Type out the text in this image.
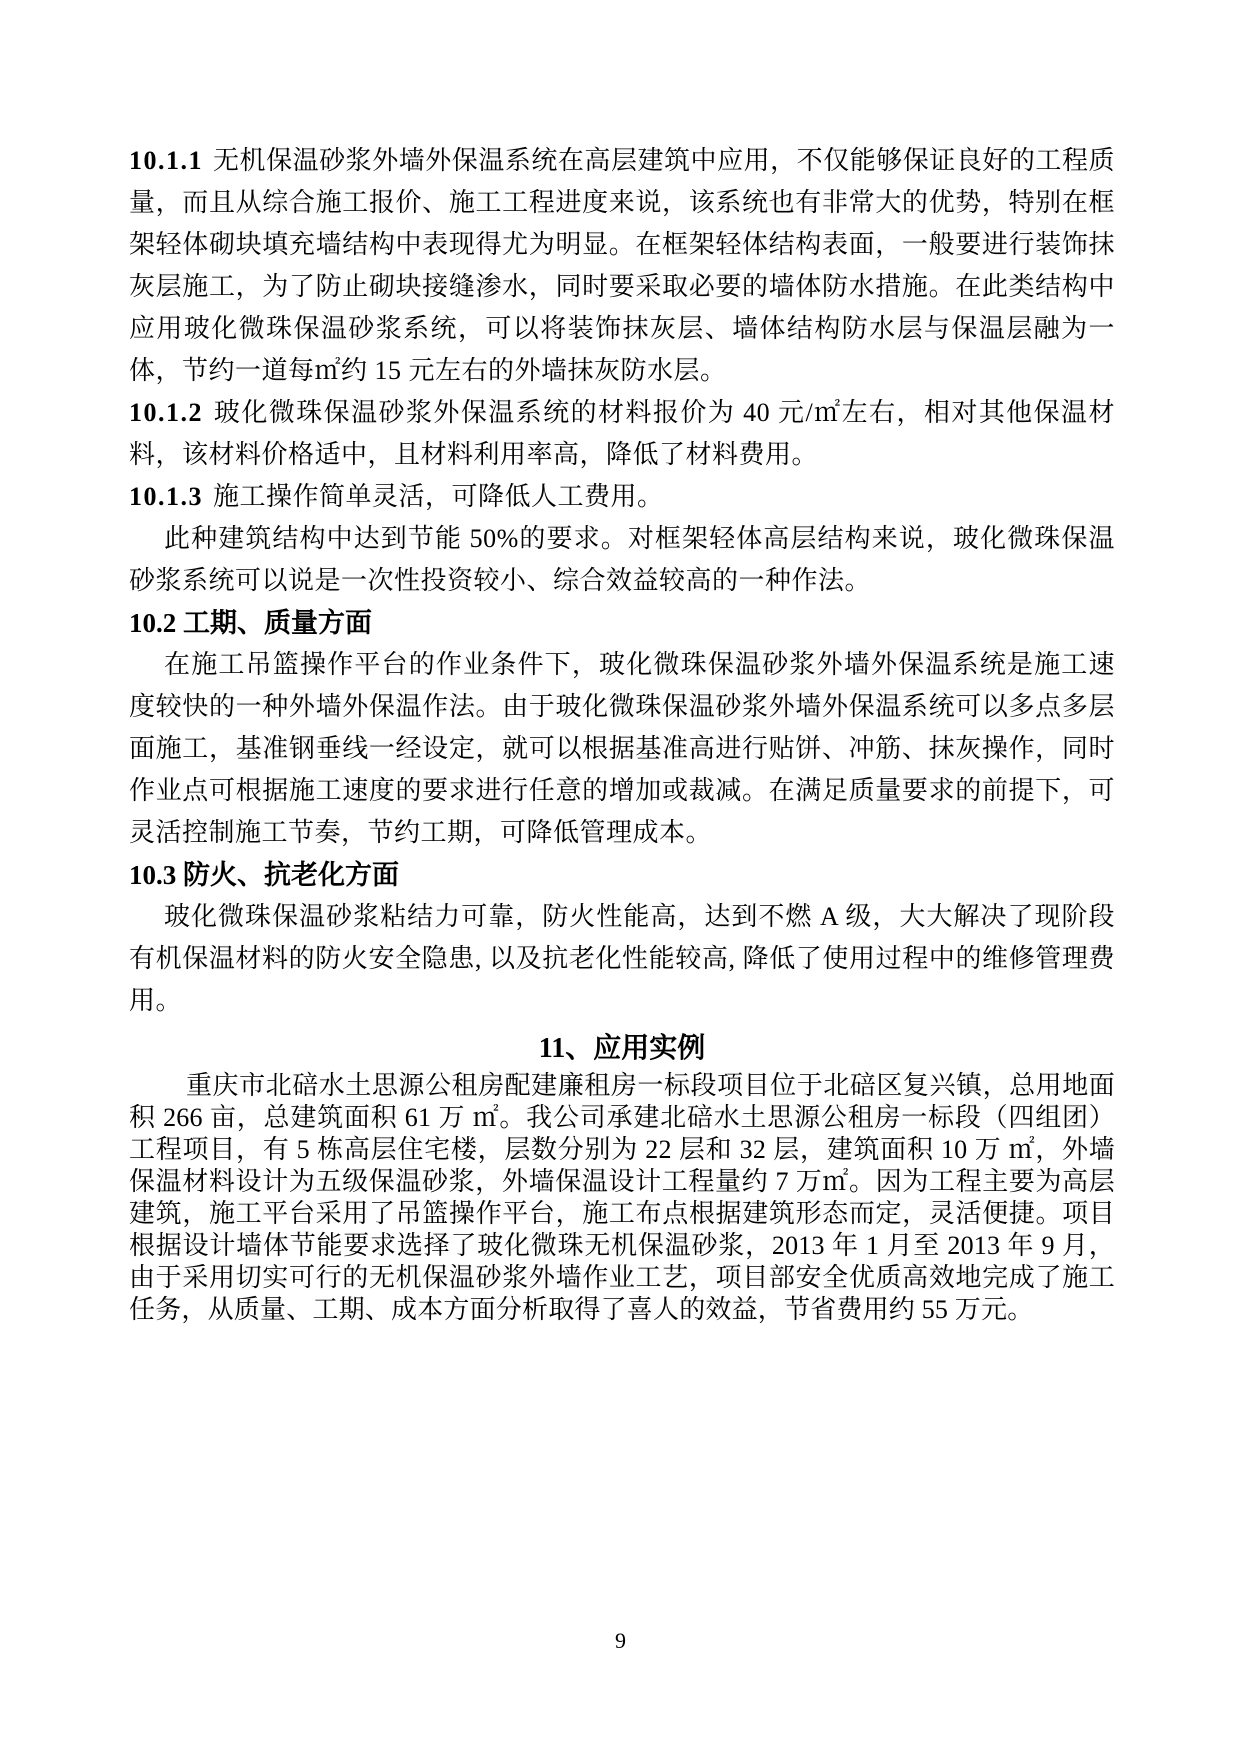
10.1.1 无机保温砂浆外墙外保温系统在高层建筑中应用，不仅能够保证良好的工程质量，而且从综合施工报价、施工工程进度来说，该系统也有非常大的优势，特别在框架轻体砌块填充墙结构中表现得尤为明显。在框架轻体结构表面，一般要进行装饰抹灰层施工，为了防止砌块接缝渗水，同时要采取必要的墙体防水措施。在此类结构中应用玻化微珠保温砂浆系统，可以将装饰抹灰层、墙体结构防水层与保温层融为一体，节约一道每㎡约 15 元左右的外墙抹灰防水层。

10.1.2 玻化微珠保温砂浆外保温系统的材料报价为 40 元/㎡左右，相对其他保温材料，该材料价格适中，且材料利用率高，降低了材料费用。

10.1.3 施工操作简单灵活，可降低人工费用。

此种建筑结构中达到节能 50%的要求。对框架轻体高层结构来说，玻化微珠保温砂浆系统可以说是一次性投资较小、综合效益较高的一种作法。

10.2 工期、质量方面

在施工吊篮操作平台的作业条件下，玻化微珠保温砂浆外墙外保温系统是施工速度较快的一种外墙外保温作法。由于玻化微珠保温砂浆外墙外保温系统可以多点多层面施工，基准钢垂线一经设定，就可以根据基准高进行贴饼、冲筋、抹灰操作，同时作业点可根据施工速度的要求进行任意的增加或裁减。在满足质量要求的前提下，可灵活控制施工节奏，节约工期，可降低管理成本。

10.3 防火、抗老化方面

玻化微珠保温砂浆粘结力可靠，防火性能高，达到不燃 A 级，大大解决了现阶段有机保温材料的防火安全隐患, 以及抗老化性能较高, 降低了使用过程中的维修管理费用。

11、应用实例

重庆市北碚水土思源公租房配建廉租房一标段项目位于北碚区复兴镇，总用地面积 266 亩，总建筑面积 61 万 ㎡。我公司承建北碚水土思源公租房一标段（四组团）工程项目，有 5 栋高层住宅楼，层数分别为 22 层和 32 层，建筑面积 10 万 ㎡，外墙保温材料设计为五级保温砂浆，外墙保温设计工程量约 7 万㎡。因为工程主要为高层建筑，施工平台采用了吊篮操作平台，施工布点根据建筑形态而定，灵活便捷。项目根据设计墙体节能要求选择了玻化微珠无机保温砂浆，2013 年 1 月至 2013 年 9 月，由于采用切实可行的无机保温砂浆外墙作业工艺，项目部安全优质高效地完成了施工任务，从质量、工期、成本方面分析取得了喜人的效益，节省费用约 55 万元。

9
